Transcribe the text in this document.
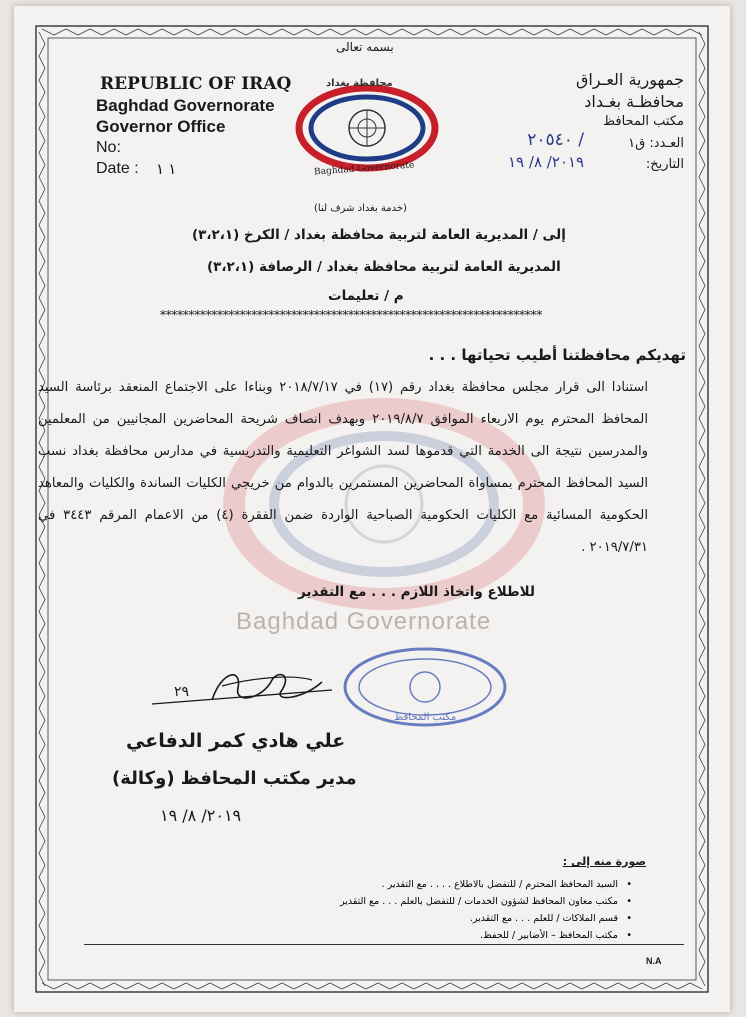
Baghdad Governorate
بسمه تعالى
REPUBLIC OF IRAQ
Baghdad Governorate
Governor Office
No:
Date : ١ ١
محافظة بغداد
Baghdad Governorate
جمهورية العـراق
محافظـة بغـداد
مكتب المحافظ
العـدد: ق١
/ ٢٠٥٤٠
التاريخ:
٢٠١٩/ ٨/ ١٩
(خدمة بغداد شرف لنا)
إلى / المديرية العامة لتربية محافظة بغداد / الكرخ (٣،٢،١)
المديرية العامة لتربية محافظة بغداد / الرصافة (٣،٢،١)
م / تعليمات
*******************************************************************
تهديكم محافظتنا أطيب تحياتها . . .
استنادا الى قرار مجلس محافظة بغداد رقم (١٧) في ٢٠١٨/٧/١٧ وبناءا على الاجتماع المنعقد برئاسة السيد المحافظ المحترم يوم الاربعاء الموافق ٢٠١٩/٨/٧ وبهدف انصاف شريحة المحاضرين المجانيين من المعلمين والمدرسين نتيجة الى الخدمة التي قدموها لسد الشواغر التعليمية والتدريسية في مدارس محافظة بغداد نسب السيد المحافظ المحترم بمساواة المحاضرين المستمرين بالدوام من خريجي الكليات الساندة والكليات والمعاهد الحكومية المسائية مع الكليات الحكومية الصباحية الواردة ضمن الفقرة (٤) من الاعمام المرقم ٣٤٤٣ في ٢٠١٩/٧/٣١ .
للاطلاع واتخاذ اللازم . . . مع التقدير
مكتب المحافظ
٢٩
علي هادي كمر الدفاعي
مدير مكتب المحافظ (وكالة)
٢٠١٩/ ٨/ ١٩
صورة منه إلى :
• السيد المحافظ المحترم / للتفضل بالاطلاع . . . . مع التقدير .
• مكتب معاون المحافظ لشؤون الخدمات / للتفضل بالعلم . . . مع التقدير
• قسم الملاكات / للعلم . . . مع التقدير.
• مكتب المحافظ – الأضابير / للحفظ.
N.A
